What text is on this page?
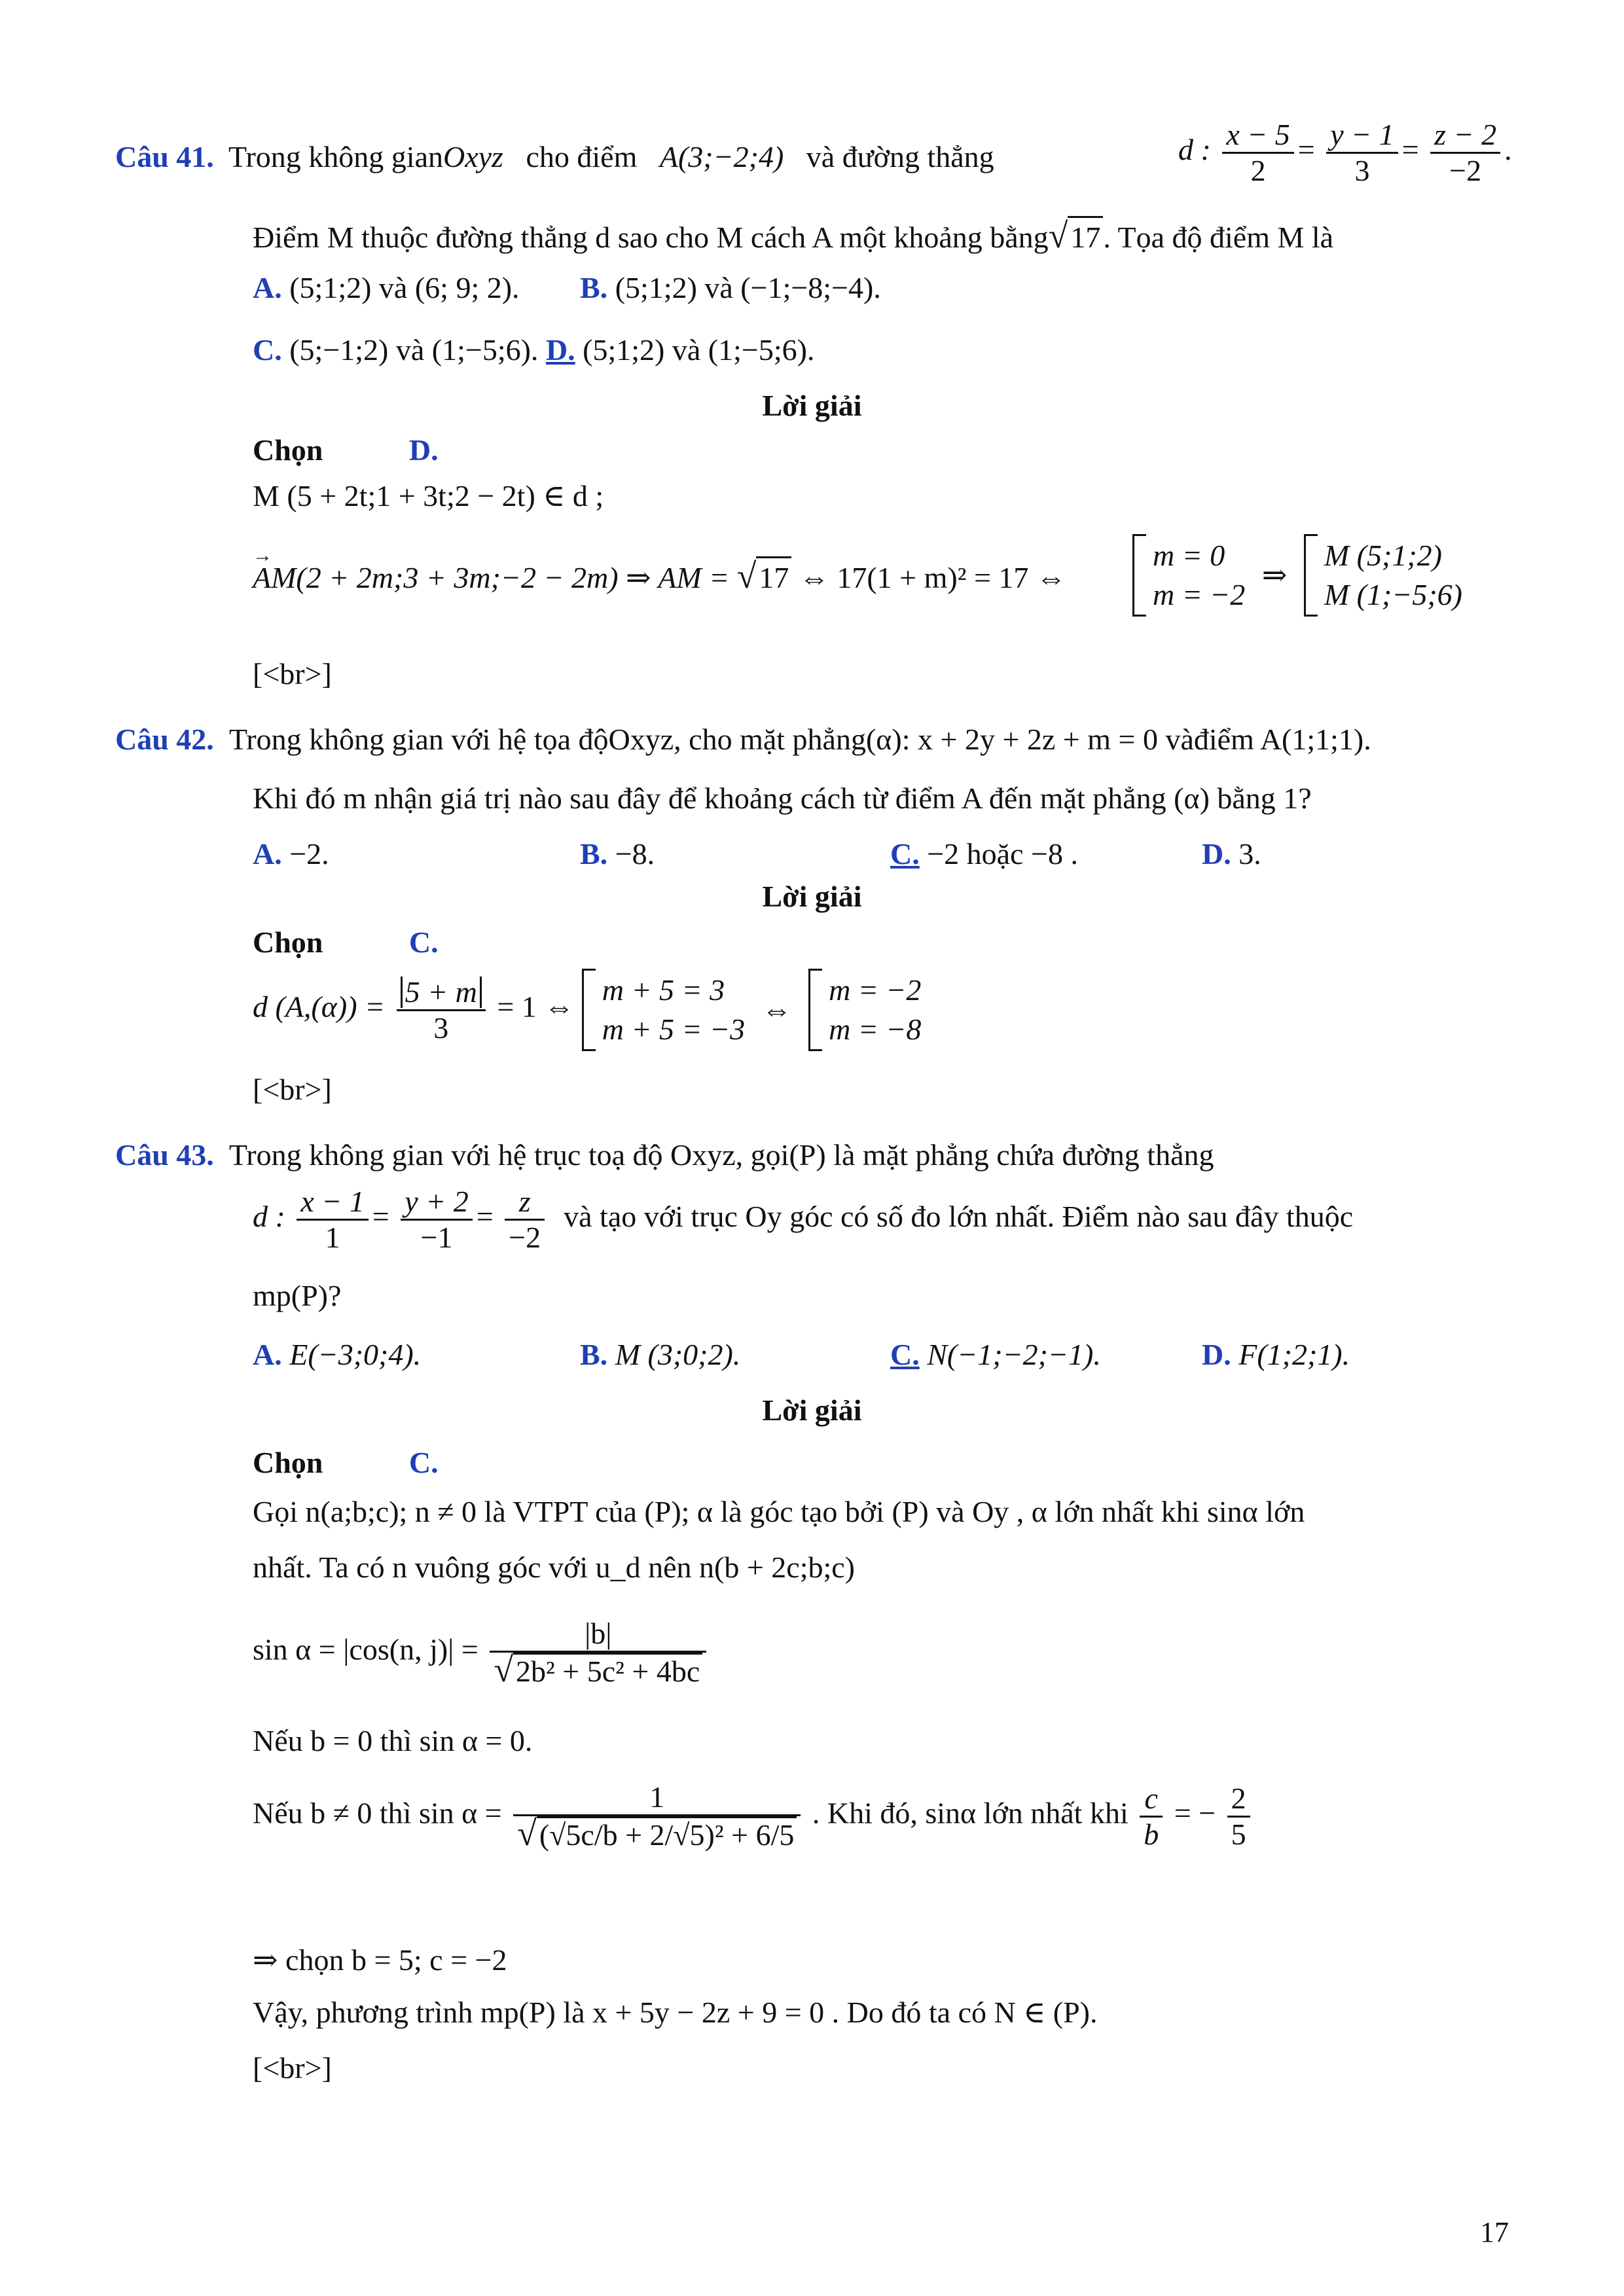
Câu 41. Trong không gianOxyz cho điểm A(3;−2;4) và đường thẳng	d : $\frac{x - 5}{2} = \frac{y - 1}{3} = \frac{z - 2}{-2}$ .
Điểm M thuộc đường thẳng d sao cho M cách A một khoảng bằng√17. Tọa độ điểm M là
A. (5;1;2) và (6; 9; 2). B. (5;1;2) và (−1;−8;−4).
C. (5;−1;2) và (1;−5;6). D. (5;1;2) và (1;−5;6).
Lời giải
Chọn	D.
M (5 + 2t;1 + 3t;2 − 2t) ∈ d ;
→ AM(2 + 2m;3 + 3m;−2 − 2m) ⇒ AM = √17 ⇔ 17(1 + m)² = 17 ⇔
m = 0
m = −2 ⇒ M (5;1;2)
M (1;−5;6)
[<br>]
Câu 42. Trong không gian với hệ tọa độOxyz, cho mặt phẳng(α): x + 2y + 2z + m = 0 vàđiểm A(1;1;1).
Khi đó m nhận giá trị nào sau đây để khoảng cách từ điểm A đến mặt phẳng (α) bằng 1?
A. −2.	B. −8.	C. −2 hoặc −8 .	D. 3.
Lời giải
Chọn	C.
d $(A,(\alpha)) = \frac{5 + m}{3} = 1$ ⇔ m + 5 = 3
m + 5 = −3 ⇔ m = −2
m = −8
[<br>]
Câu 43. Trong không gian với hệ trục toạ độ Oxyz, gọi(P) là mặt phẳng chứa đường thẳng
d : $\frac{x - 1}{1} = \frac{y + 2}{-1} = \frac{z}{-2}$ và tạo với trục Oy góc có số đo lớn nhất. Điểm nào sau đây thuộc
mp(P)?
A. E(−3;0;4).	B. M (3;0;2).	C. N(−1;−2;−1).	D. F(1;2;1).
Lời giải
Chọn	C.
Gọi n(a;b;c); n ≠ 0 là VTPT của (P); α là góc tạo bởi (P) và Oy , α lớn nhất khi sinα lớn
nhất. Ta có n vuông góc với u_d nên n(b + 2c;b;c)
sin α = |cos(n, $j)| = \frac{|b|}{\text{√2b² + 5c² + 4bc}}$
Nếu b = 0 thì sin α = 0.
Nếu b ≠ 0 thì $\sin \alpha = \frac{1}{\text{√(√5c/b + 2/√5)² + 6/5}}$ . Khi đó, sinα lớn nhất khi $\frac{c}{b}$ = − $\frac{2}{5}$
⇒ chọn b = 5; c = −2
Vậy, phương trình mp(P) là x + 5y − 2z + 9 = 0 . Do đó ta có N ∈ (P).
[<br>]
17
